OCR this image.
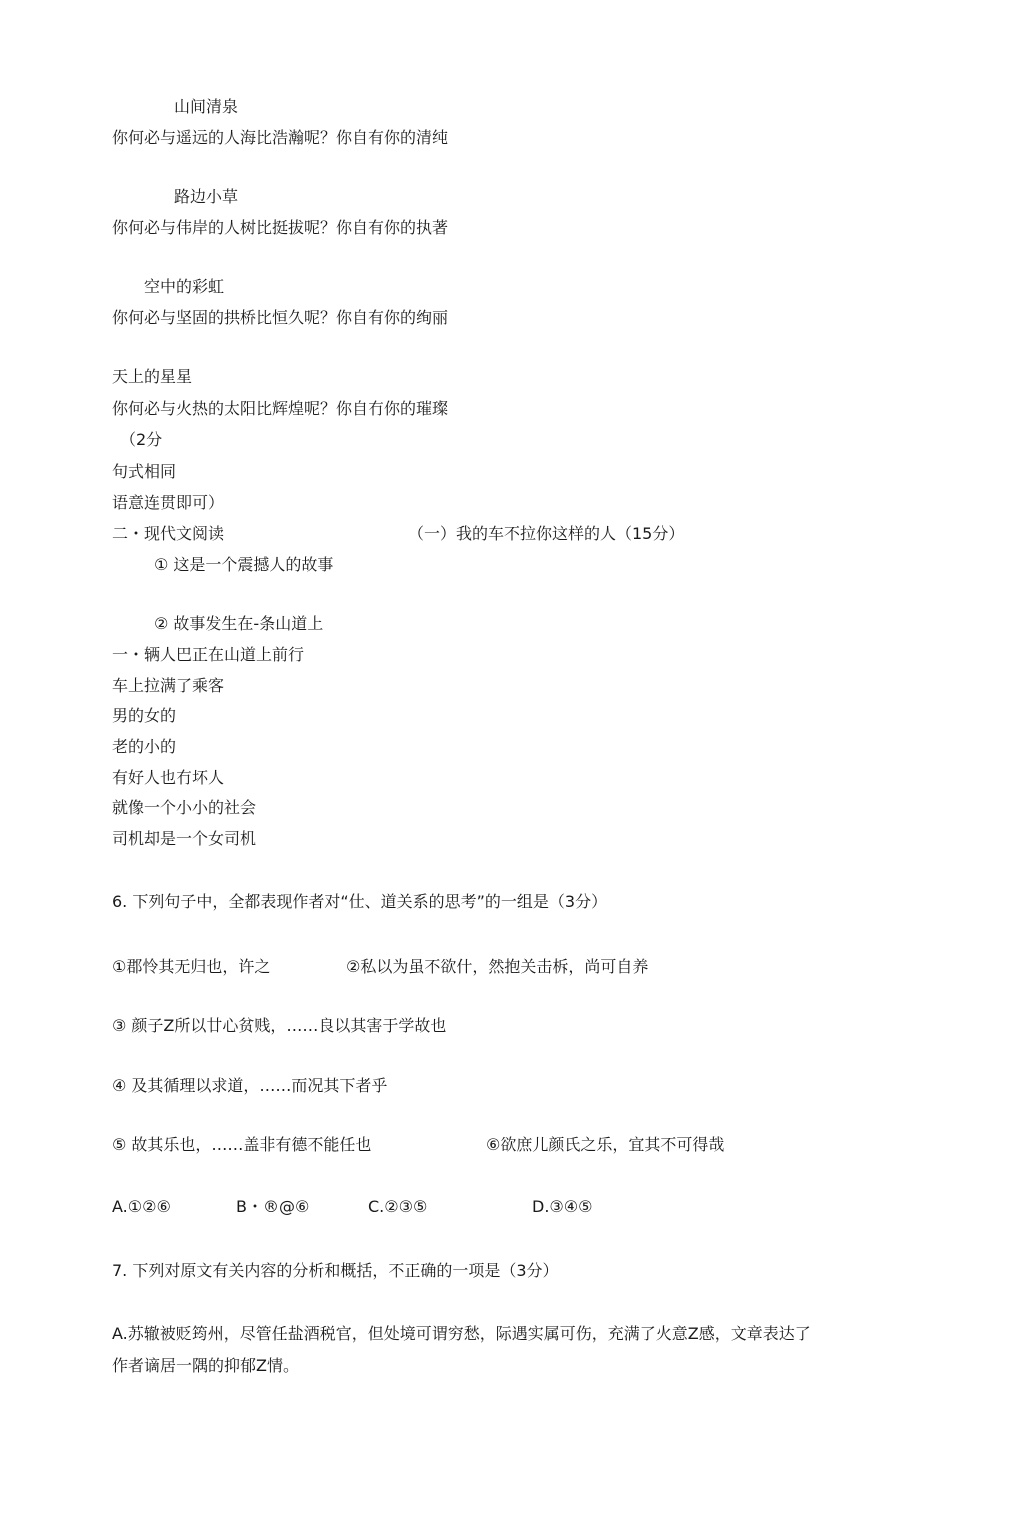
山间清泉
你何必与遥远的人海比浩瀚呢？你自有你的清纯
路边小草
你何必与伟岸的人树比挺拔呢？你自有你的执著
空中的彩虹
你何必与坚固的拱桥比恒久呢？你自有你的绚丽
天上的星星
你何必与火热的太阳比辉煌呢？你自冇你的璀璨
（2分
句式相同
语意连贯即可）
二・现代文阅读	（一）我的车不拉你这样的人（15分）
① 这是一个震撼人的故事
② 故事发生在-条山道上
一・辆人巴正在山道上前行
车上拉满了乘客
男的女的
老的小的
有好人也冇坏人
就像一个小小的社会
司机却是一个女司机
6. 下列句子中，全都表现作者对“仕、道关系的思考”的一组是（3分）
①郡怜其无归也，许之	②私以为虽不欲什，然抱关击柝，尚可自养
③ 颜子Z所以廿心贫贱，……良以其害于学故也
④ 及其循理以求道，……而况其下者乎
⑤ 故其乐也，……盖非有德不能任也	⑥欲庶儿颜氏之乐，宜其不可得哉
A.①②⑥	B・®@⑥	C.②③⑤	D.③④⑤
7. 下列对原文有关内容的分析和概括，不正确的一项是（3分）
A.苏辙被贬筠州，尽管任盐酒税官，但处境可谓穷愁，际遇实属可伤，充满了火意Z感，文章表达了
作者谪居一隅的抑郁Z情。
